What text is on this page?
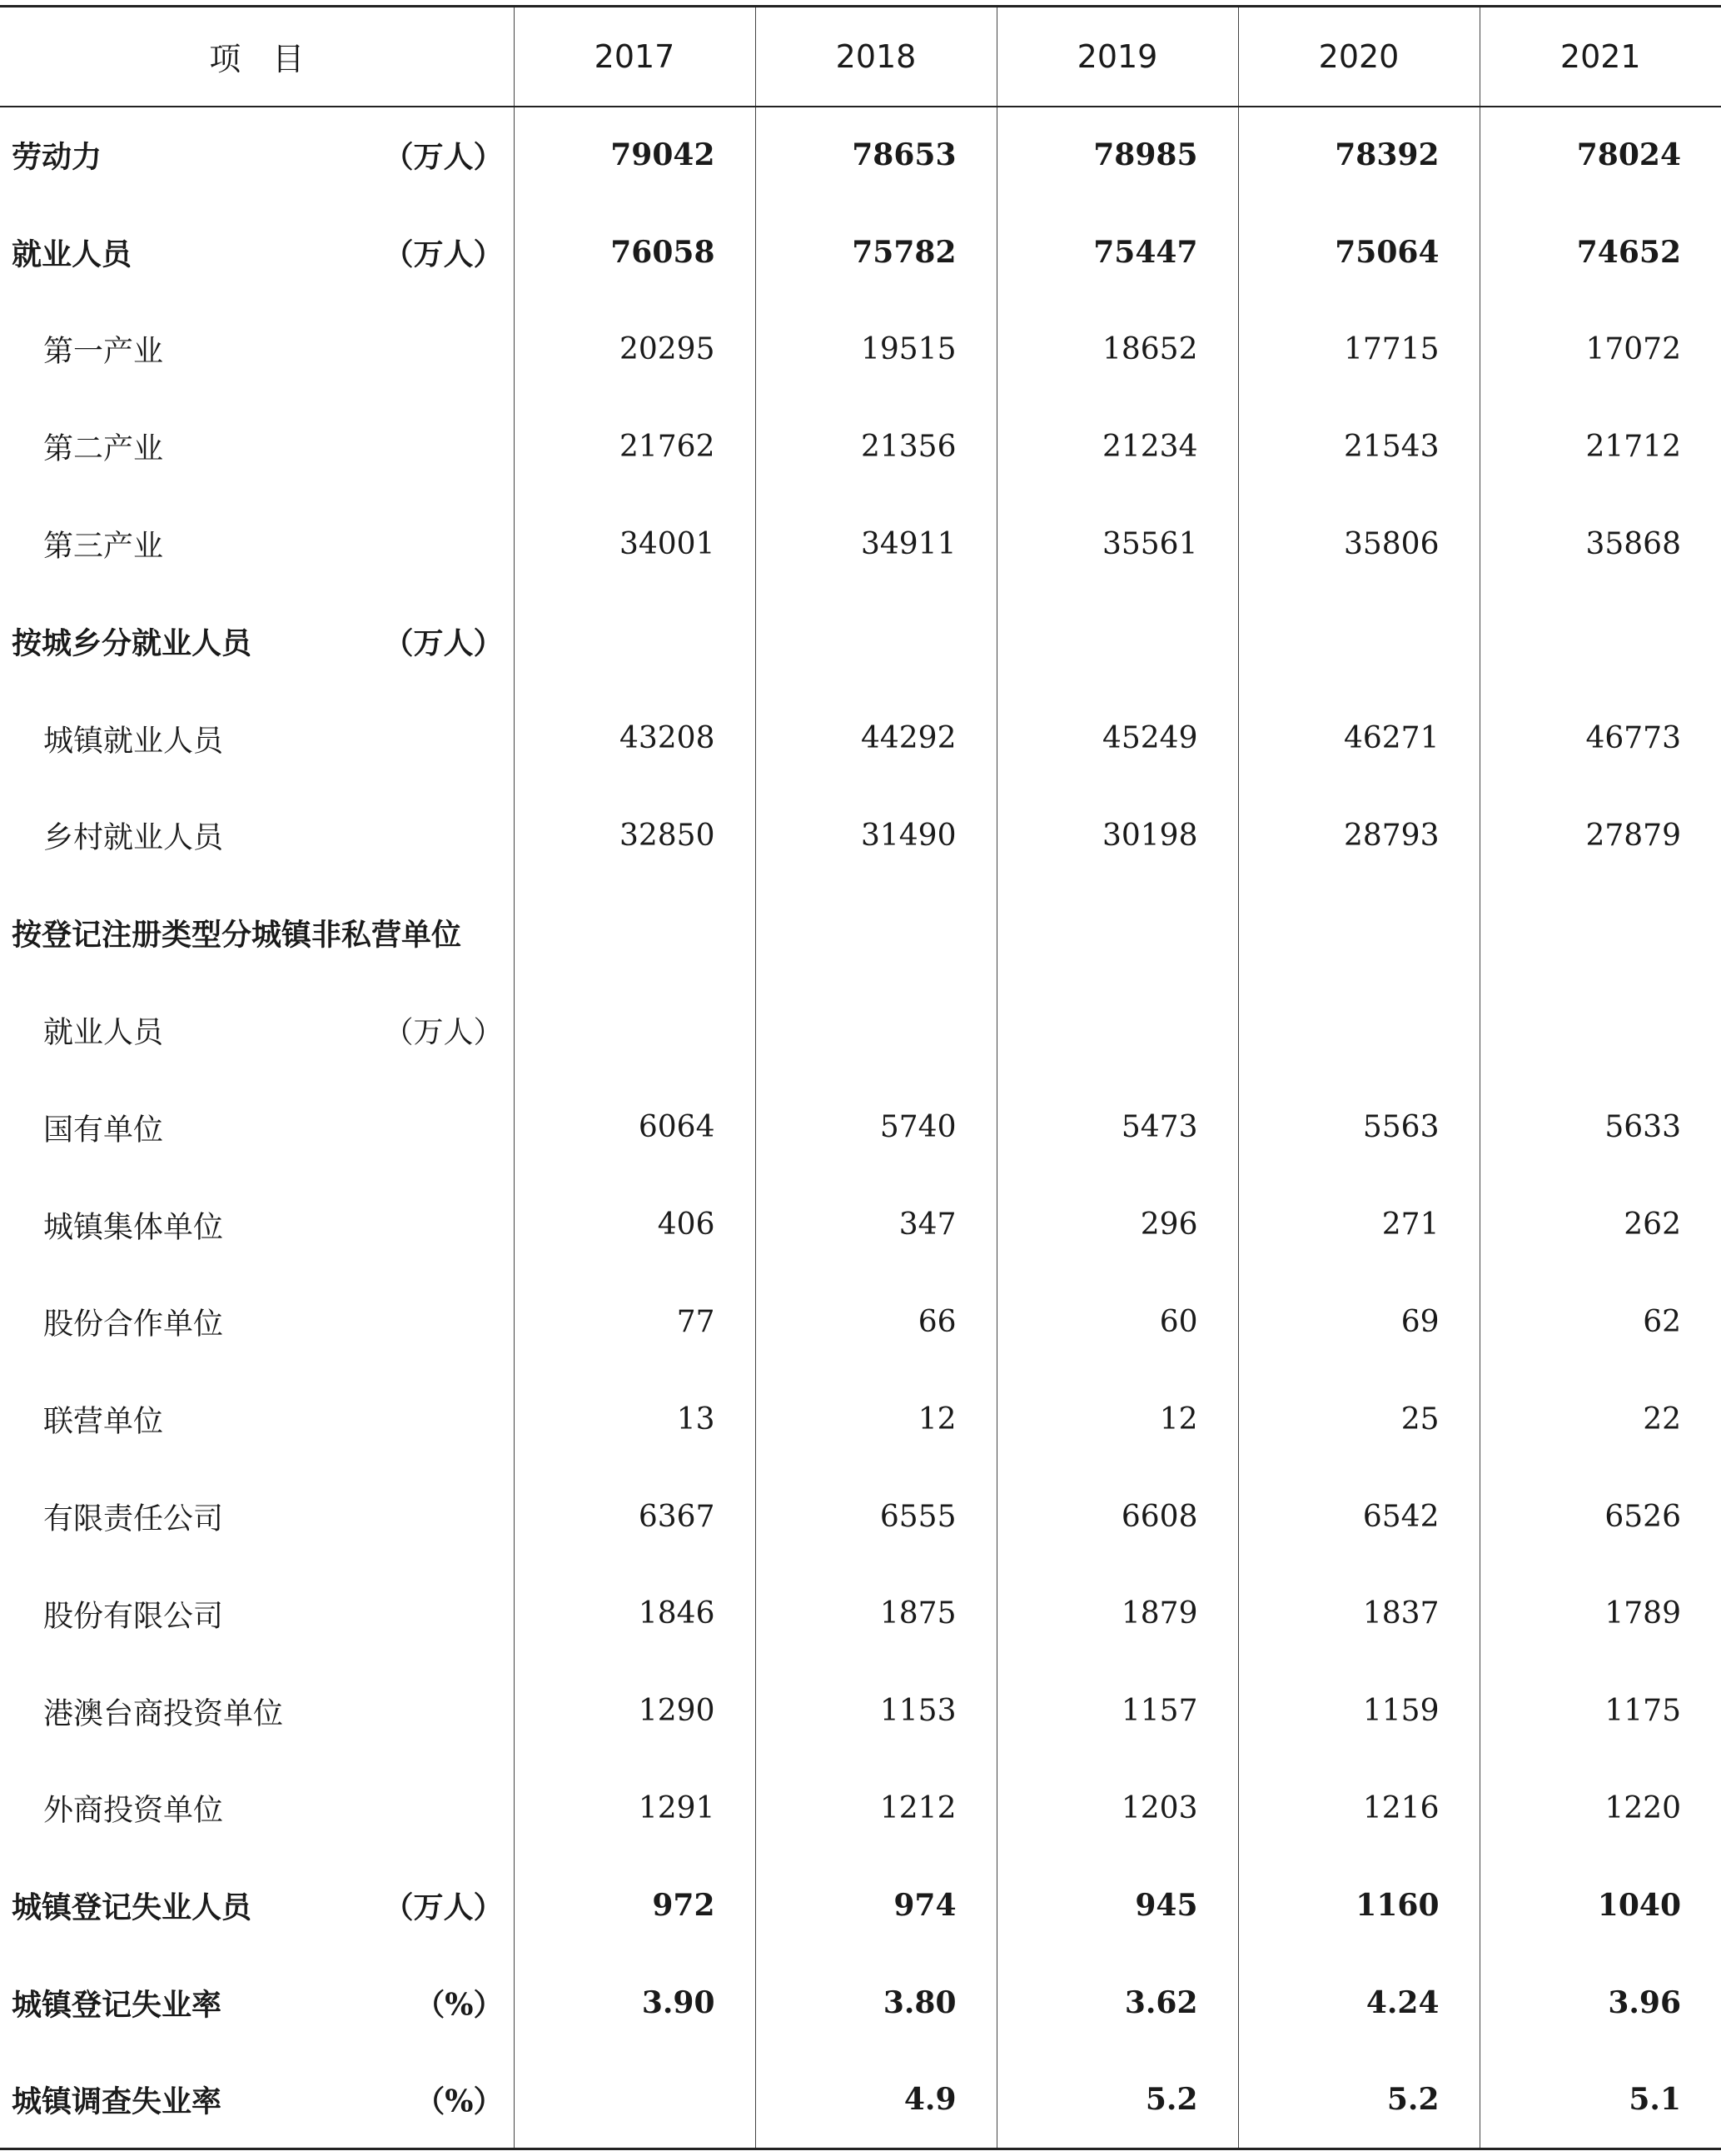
项　目	2017	2018	2019	2020	2021

劳动力 （万人）	79042	78653	78985	78392	78024

就业人员 （万人）	76058	75782	75447	75064	74652

第一产业	20295	19515	18652	17715	17072

第二产业	21762	21356	21234	21543	21712

第三产业	34001	34911	35561	35806	35868

按城乡分就业人员 （万人）					

城镇就业人员	43208	44292	45249	46271	46773

乡村就业人员	32850	31490	30198	28793	27879

按登记注册类型分城镇非私营单位					

就业人员 （万人）					

国有单位	6064	5740	5473	5563	5633

城镇集体单位	406	347	296	271	262

股份合作单位	77	66	60	69	62

联营单位	13	12	12	25	22

有限责任公司	6367	6555	6608	6542	6526

股份有限公司	1846	1875	1879	1837	1789

港澳台商投资单位	1290	1153	1157	1159	1175

外商投资单位	1291	1212	1203	1216	1220

城镇登记失业人员 （万人）	972	974	945	1160	1040

城镇登记失业率 （%）	3.90	3.80	3.62	4.24	3.96

城镇调查失业率 （%）		4.9	5.2	5.2	5.1
